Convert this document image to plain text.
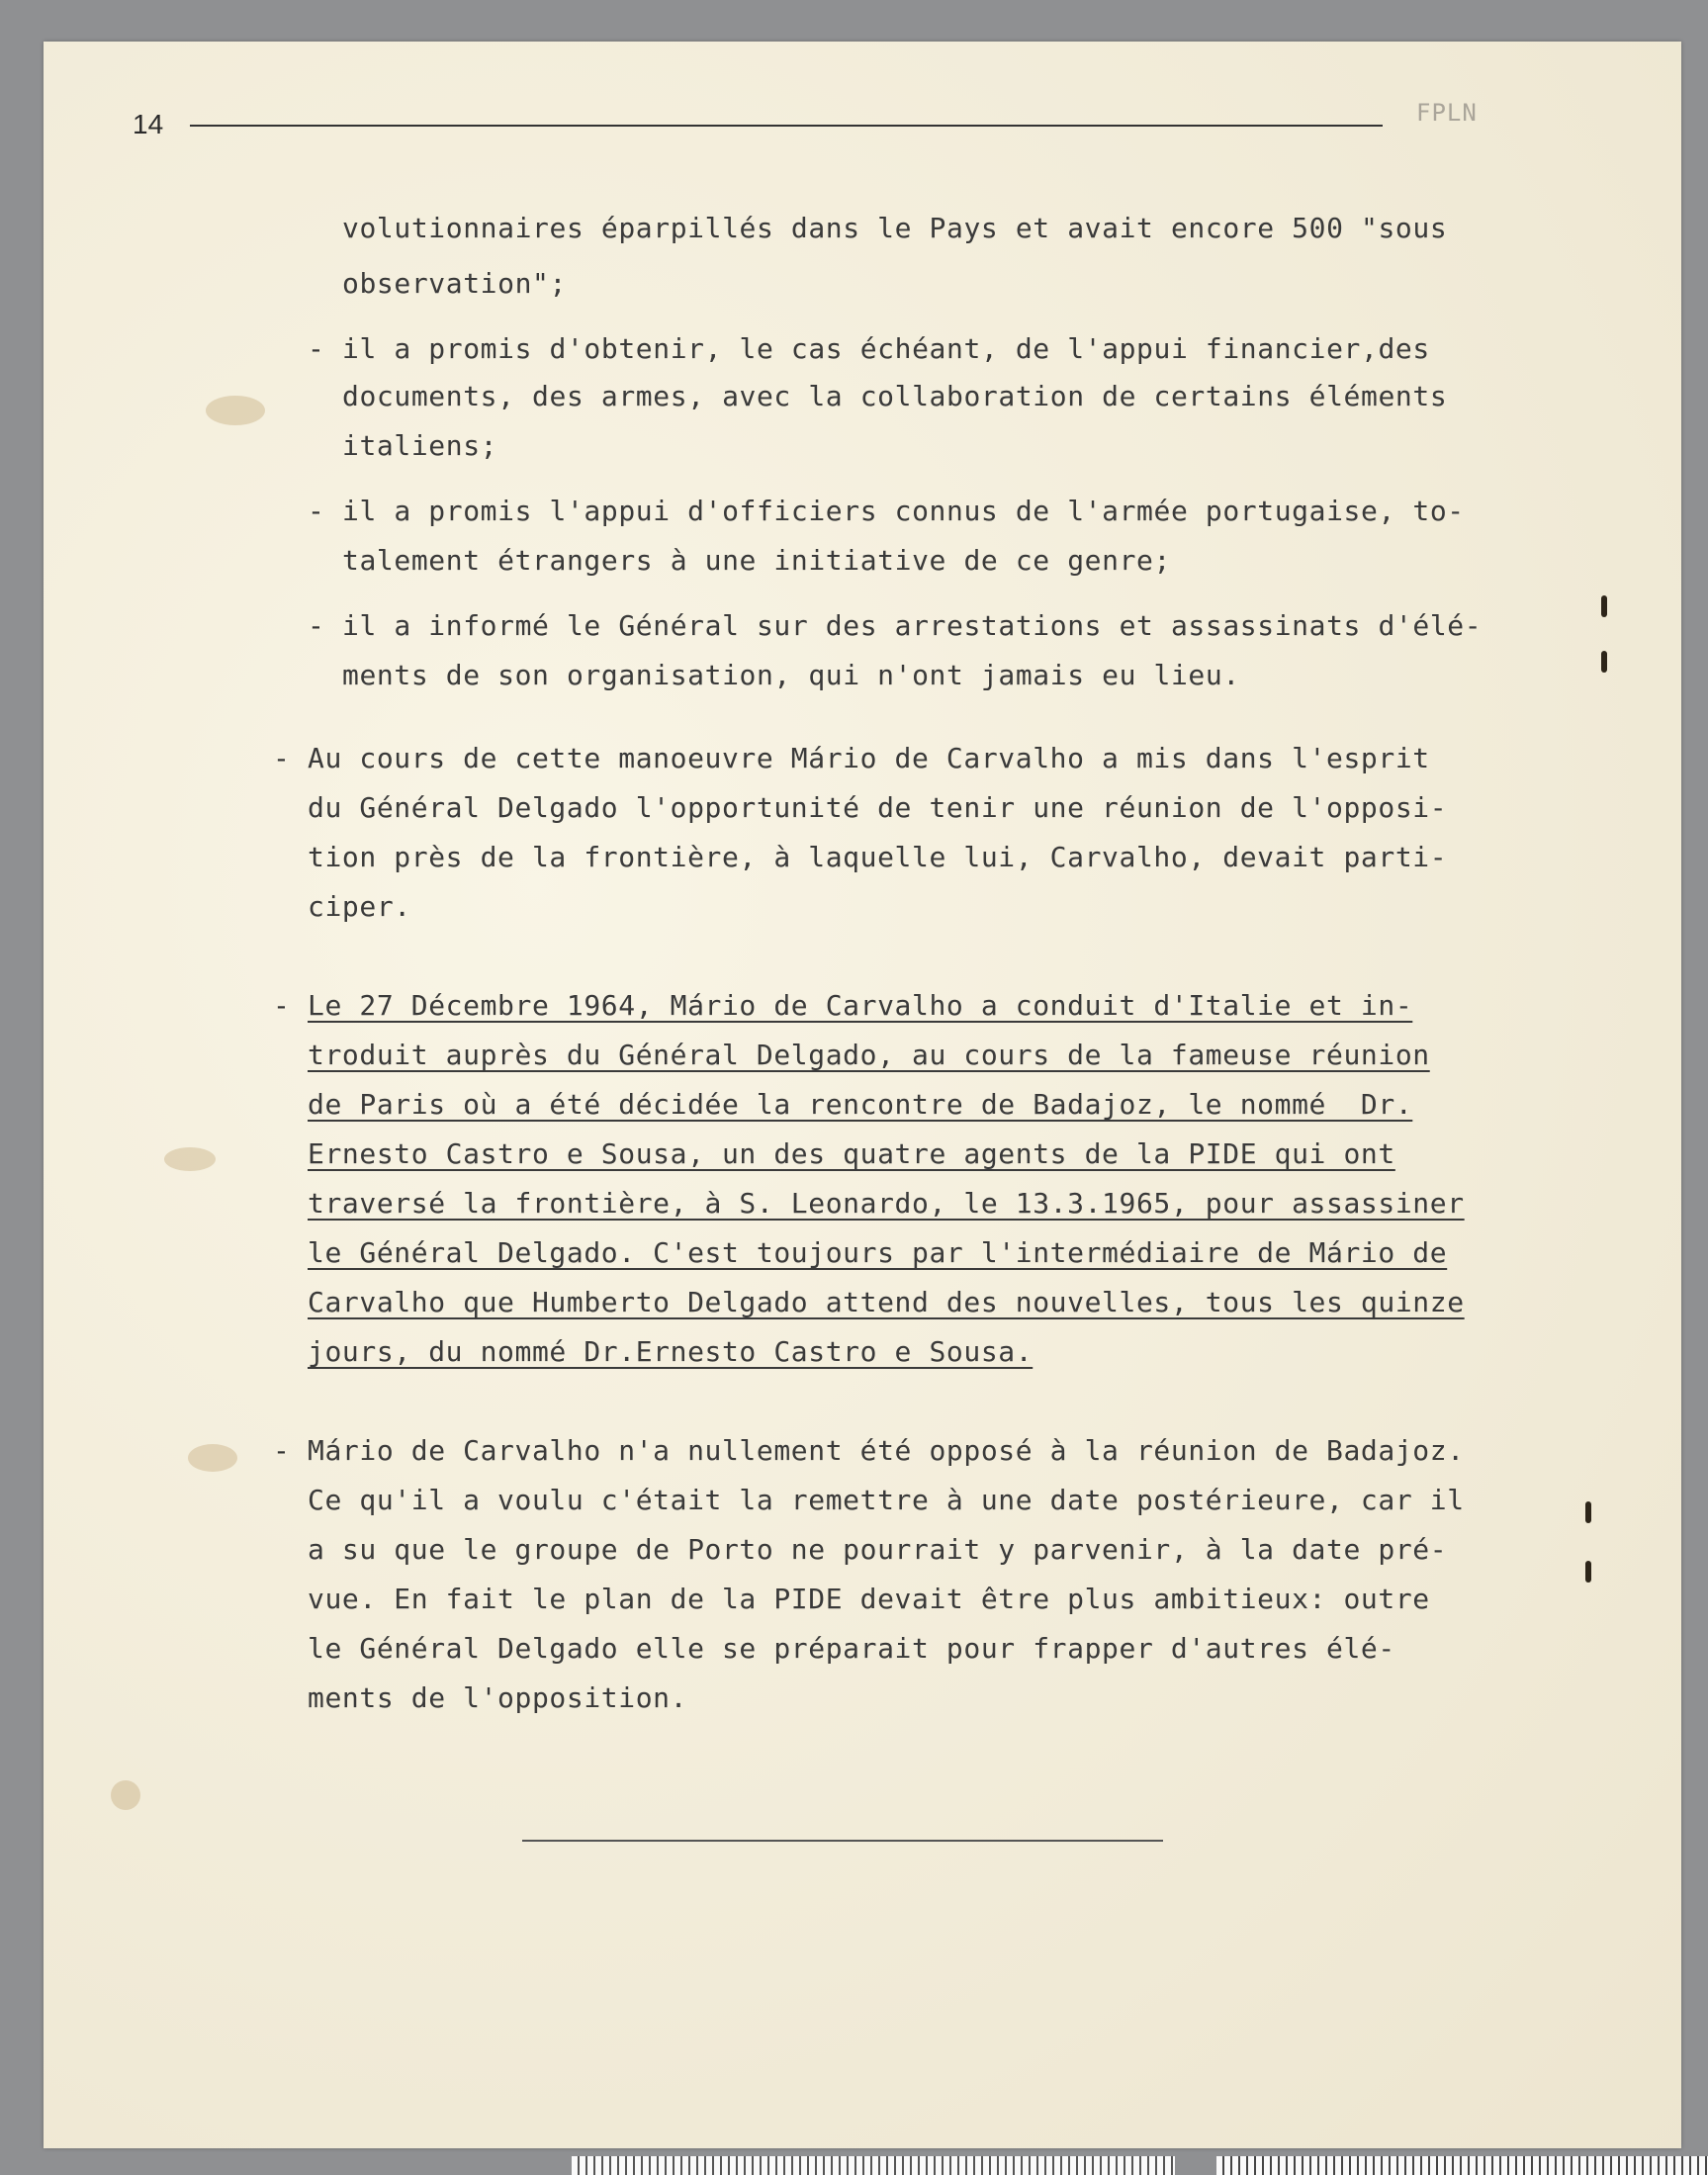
14	FPLN
volutionnaires éparpillés dans le Pays et avait encore 500 "sous
observation";
- il a promis d'obtenir, le cas échéant, de l'appui financier,des
documents, des armes, avec la collaboration de certains éléments
italiens;
- il a promis l'appui d'officiers connus de l'armée portugaise, to-
talement étrangers à une initiative de ce genre;
- il a informé le Général sur des arrestations et assassinats d'élé-
ments de son organisation, qui n'ont jamais eu lieu.
- Au cours de cette manoeuvre Mário de Carvalho a mis dans l'esprit
du Général Delgado l'opportunité de tenir une réunion de l'opposi-
tion près de la frontière, à laquelle lui, Carvalho, devait parti-
ciper.
- Le 27 Décembre 1964, Mário de Carvalho a conduit d'Italie et in-
troduit auprès du Général Delgado, au cours de la fameuse réunion
de Paris où a été décidée la rencontre de Badajoz, le nommé  Dr.
Ernesto Castro e Sousa, un des quatre agents de la PIDE qui ont
traversé la frontière, à S. Leonardo, le 13.3.1965, pour assassiner
le Général Delgado. C'est toujours par l'intermédiaire de Mário de
Carvalho que Humberto Delgado attend des nouvelles, tous les quinze
jours, du nommé Dr.Ernesto Castro e Sousa.
- Mário de Carvalho n'a nullement été opposé à la réunion de Badajoz.
Ce qu'il a voulu c'était la remettre à une date postérieure, car il
a su que le groupe de Porto ne pourrait y parvenir, à la date pré-
vue. En fait le plan de la PIDE devait être plus ambitieux: outre
le Général Delgado elle se préparait pour frapper d'autres élé-
ments de l'opposition.
